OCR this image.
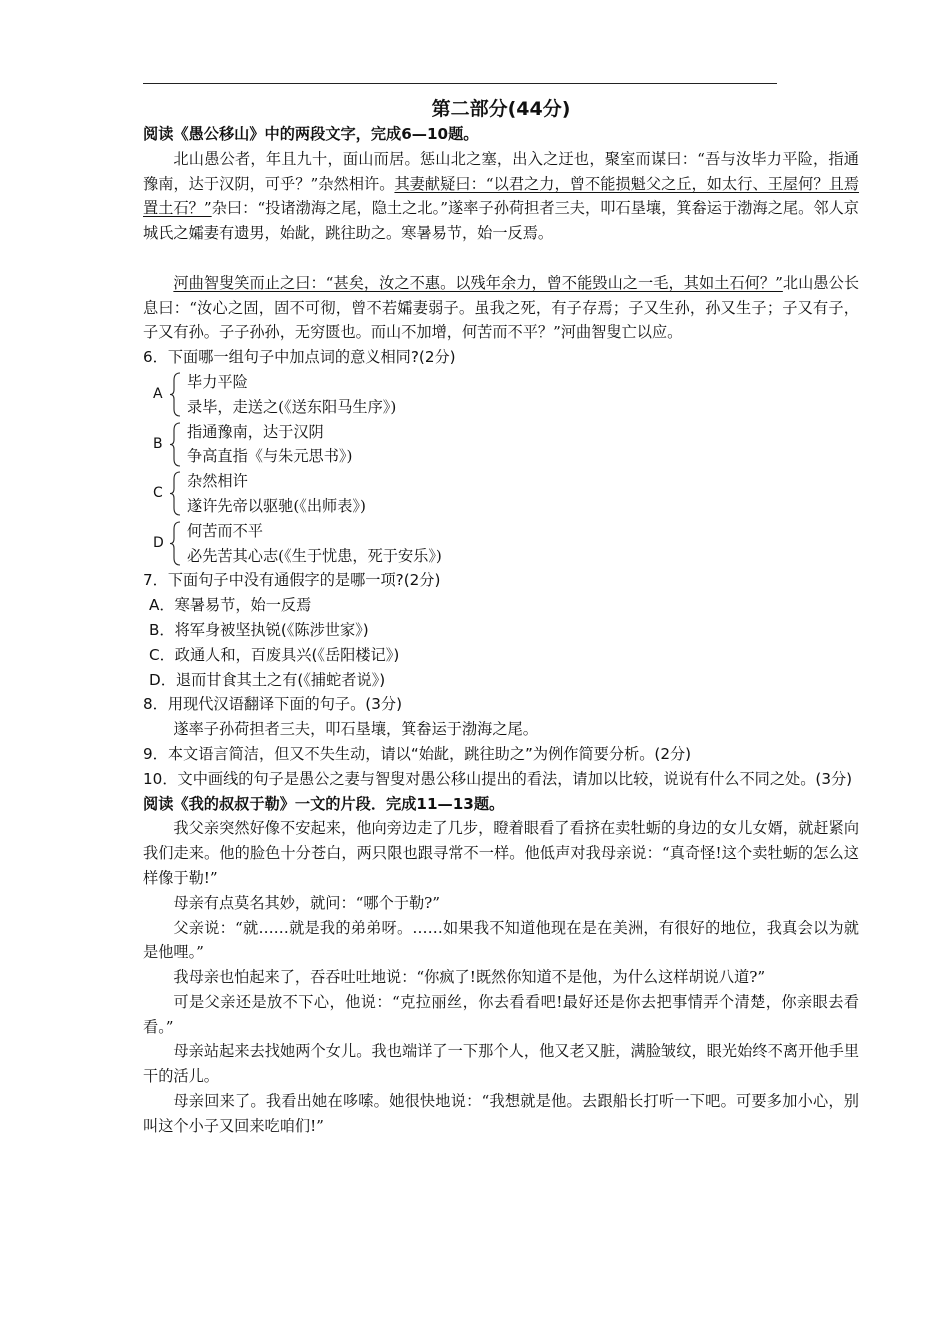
第二部分(44分)

阅读《愚公移山》中的两段文字，完成6—10题。

北山愚公者，年且九十，面山而居。惩山北之塞，出入之迂也，聚室而谋曰：“吾与汝毕力平险，指通豫南，达于汉阴，可乎？”杂然相许。其妻献疑曰：“以君之力，曾不能损魁父之丘，如太行、王屋何？且焉置土石？”杂曰：“投诸渤海之尾，隐土之北。”遂率子孙荷担者三夫，叩石垦壤，箕畚运于渤海之尾。邻人京城氏之孀妻有遗男，始龀，跳往助之。寒暑易节，始一反焉。

河曲智叟笑而止之曰：“甚矣，汝之不惠。以残年余力，曾不能毁山之一毛，其如土石何？”北山愚公长息曰：“汝心之固，固不可彻，曾不若孀妻弱子。虽我之死，有子存焉；子又生孙，孙又生子；子又有子，子又有孙。子子孙孙，无穷匮也。而山不加增，何苦而不平？”河曲智叟亡以应。

6．下面哪一组句子中加点词的意义相同?(2分)

A
毕力平险
录毕，走送之(《送东阳马生序》)
B
指通豫南，达于汉阴
争高直指《与朱元思书》)
C
杂然相许
遂许先帝以驱驰(《出师表》)
D
何苦而不平
必先苦其心志(《生于忧患，死于安乐》)

7．下面句子中没有通假字的是哪一项?(2分)

A．寒暑易节，始一反焉

B．将军身被坚执锐(《陈涉世家》)

C．政通人和，百废具兴(《岳阳楼记》)

D．退而甘食其土之有(《捕蛇者说》)

8．用现代汉语翻译下面的句子。(3分)

遂率子孙荷担者三夫，叩石垦壤，箕畚运于渤海之尾。

9．本文语言简洁，但又不失生动，请以“始龀，跳往助之”为例作简要分析。(2分)

10．文中画线的句子是愚公之妻与智叟对愚公移山提出的看法，请加以比较，说说有什么不同之处。(3分)

阅读《我的叔叔于勒》一文的片段．完成11—13题。

我父亲突然好像不安起来，他向旁边走了几步，瞪着眼看了看挤在卖牡蛎的身边的女儿女婿，就赶紧向我们走来。他的脸色十分苍白，两只限也跟寻常不一样。他低声对我母亲说：“真奇怪!这个卖牡蛎的怎么这样像于勒!”

母亲有点莫名其妙，就问：“哪个于勒?”

父亲说：“就……就是我的弟弟呀。……如果我不知道他现在是在美洲，有很好的地位，我真会以为就是他哩。”

我母亲也怕起来了，吞吞吐吐地说：“你疯了!既然你知道不是他，为什么这样胡说八道?”

可是父亲还是放不下心，他说：“克拉丽丝，你去看看吧!最好还是你去把事情弄个清楚，你亲眼去看看。”

母亲站起来去找她两个女儿。我也端详了一下那个人，他又老又脏，满脸皱纹，眼光始终不离开他手里干的活儿。

母亲回来了。我看出她在哆嗦。她很快地说：“我想就是他。去跟船长打听一下吧。可要多加小心，别叫这个小子又回来吃咱们!”
